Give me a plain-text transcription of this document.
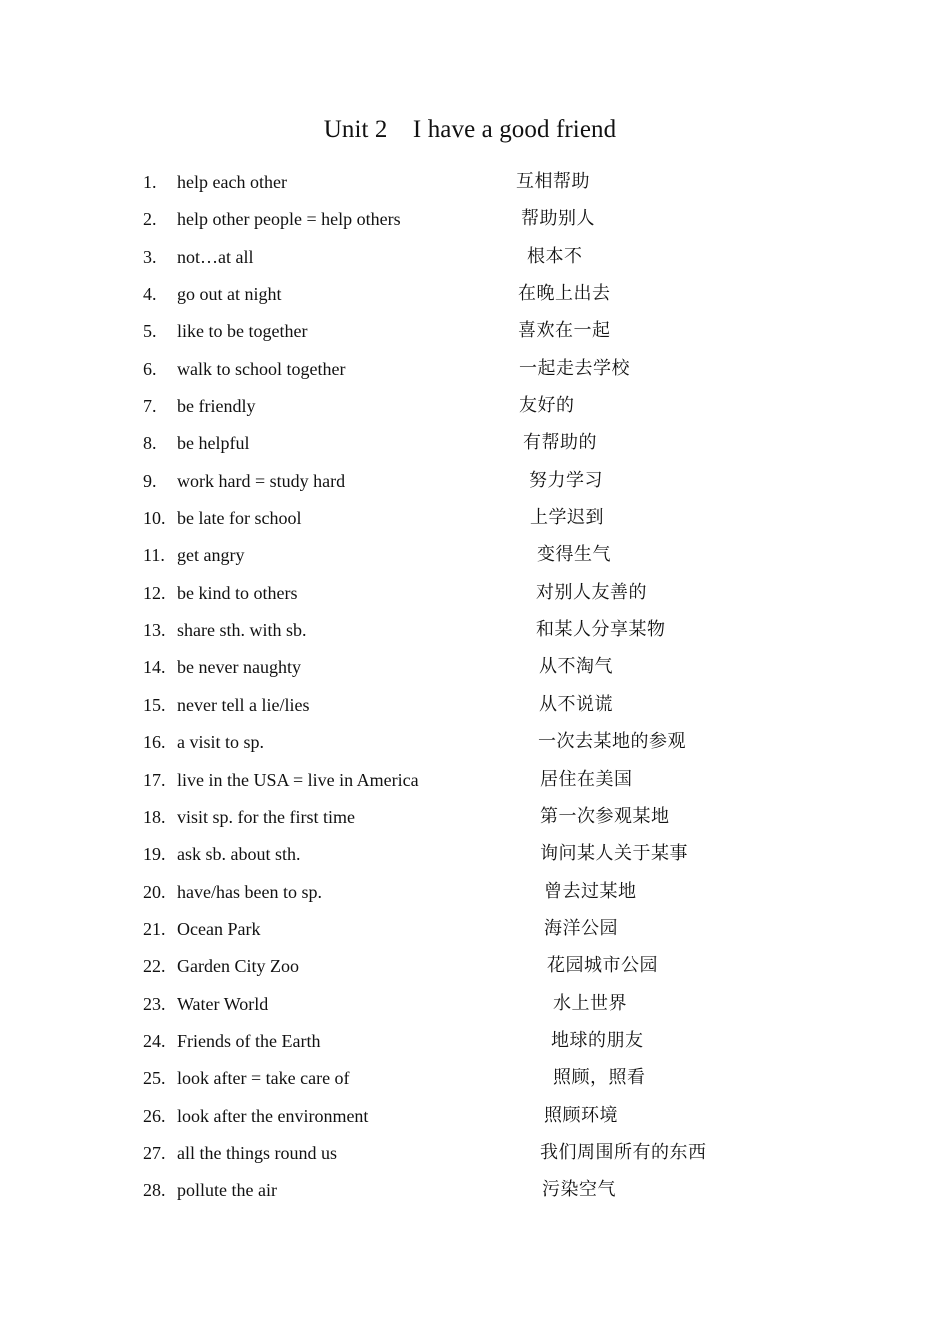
Unit 2    I have a good friend
1. help each other	互相帮助
2. help other people = help others	帮助别人
3. not…at all	根本不
4. go out at night	在晚上出去
5. like to be together	喜欢在一起
6. walk to school together	一起走去学校
7. be friendly	友好的
8. be helpful	有帮助的
9. work hard = study hard	努力学习
10. be late for school	上学迟到
11. get angry	变得生气
12. be kind to others	对别人友善的
13. share sth. with sb.	和某人分享某物
14. be never naughty	从不淘气
15. never tell a lie/lies	从不说谎
16. a visit to sp.	一次去某地的参观
17. live in the USA = live in America	居住在美国
18. visit sp. for the first time	第一次参观某地
19. ask sb. about sth.	询问某人关于某事
20. have/has been to sp.	曾去过某地
21. Ocean Park	海洋公园
22. Garden City Zoo	花园城市公园
23. Water World	水上世界
24. Friends of the Earth	地球的朋友
25. look after = take care of	照顾，照看
26. look after the environment	照顾环境
27. all the things round us	我们周围所有的东西
28. pollute the air	污染空气
